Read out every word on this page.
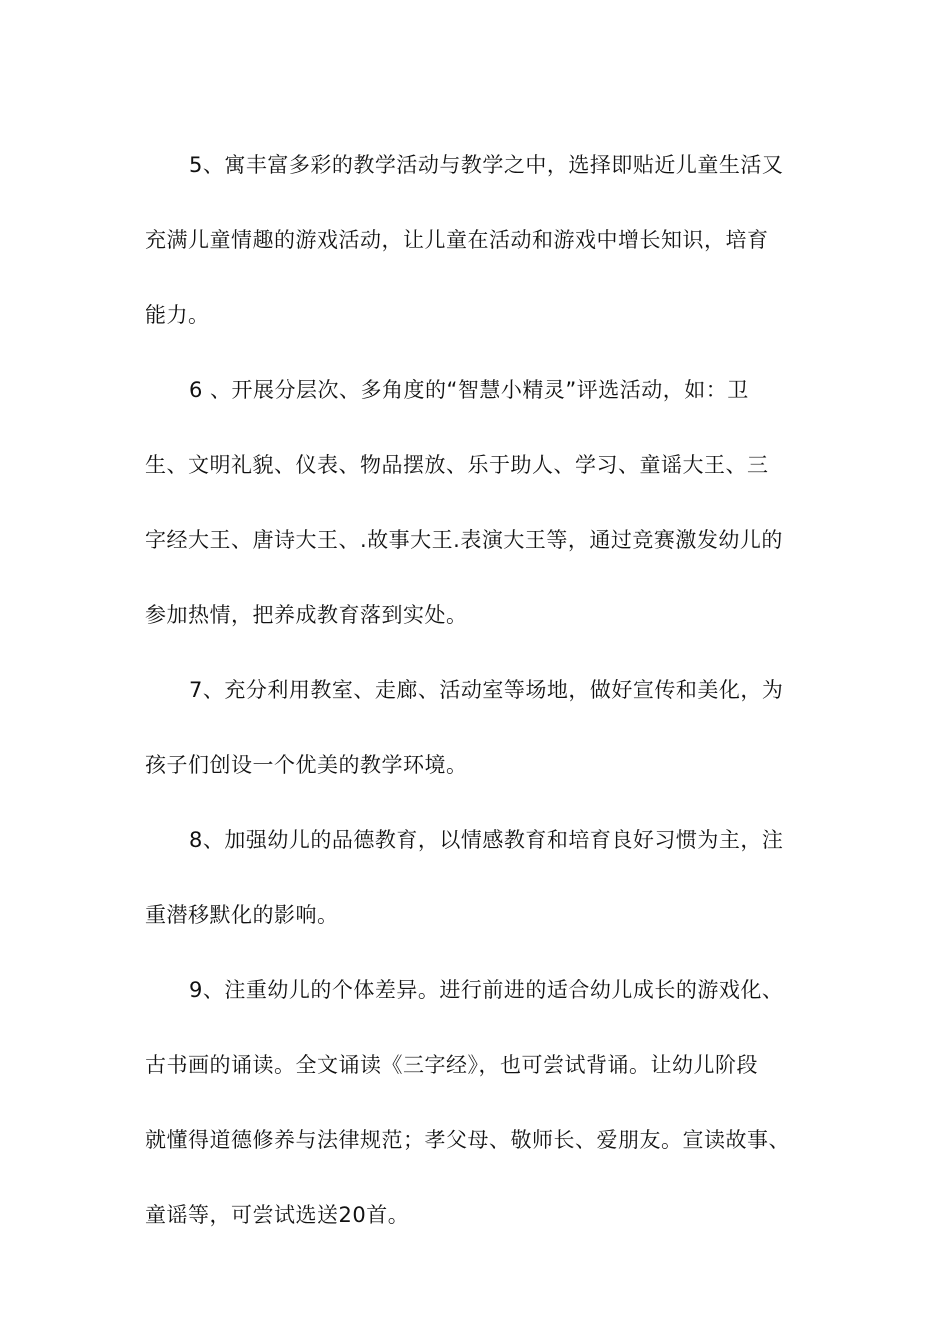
5、寓丰富多彩的教学活动与教学之中，选择即贴近儿童生活又
充满儿童情趣的游戏活动，让儿童在活动和游戏中增长知识，培育
能力。
6 、开展分层次、多角度的“智慧小精灵”评选活动，如：卫
生、文明礼貌、仪表、物品摆放、乐于助人、学习、童谣大王、三
字经大王、唐诗大王、.故事大王.表演大王等，通过竞赛激发幼儿的
参加热情，把养成教育落到实处。
7、充分利用教室、走廊、活动室等场地，做好宣传和美化，为
孩子们创设一个优美的教学环境。
8、加强幼儿的品德教育，以情感教育和培育良好习惯为主，注
重潜移默化的影响。
9、注重幼儿的个体差异。进行前进的适合幼儿成长的游戏化、
古书画的诵读。全文诵读《三字经》，也可尝试背诵。让幼儿阶段
就懂得道德修养与法律规范；孝父母、敬师长、爱朋友。宣读故事、
童谣等，可尝试选送20首。
